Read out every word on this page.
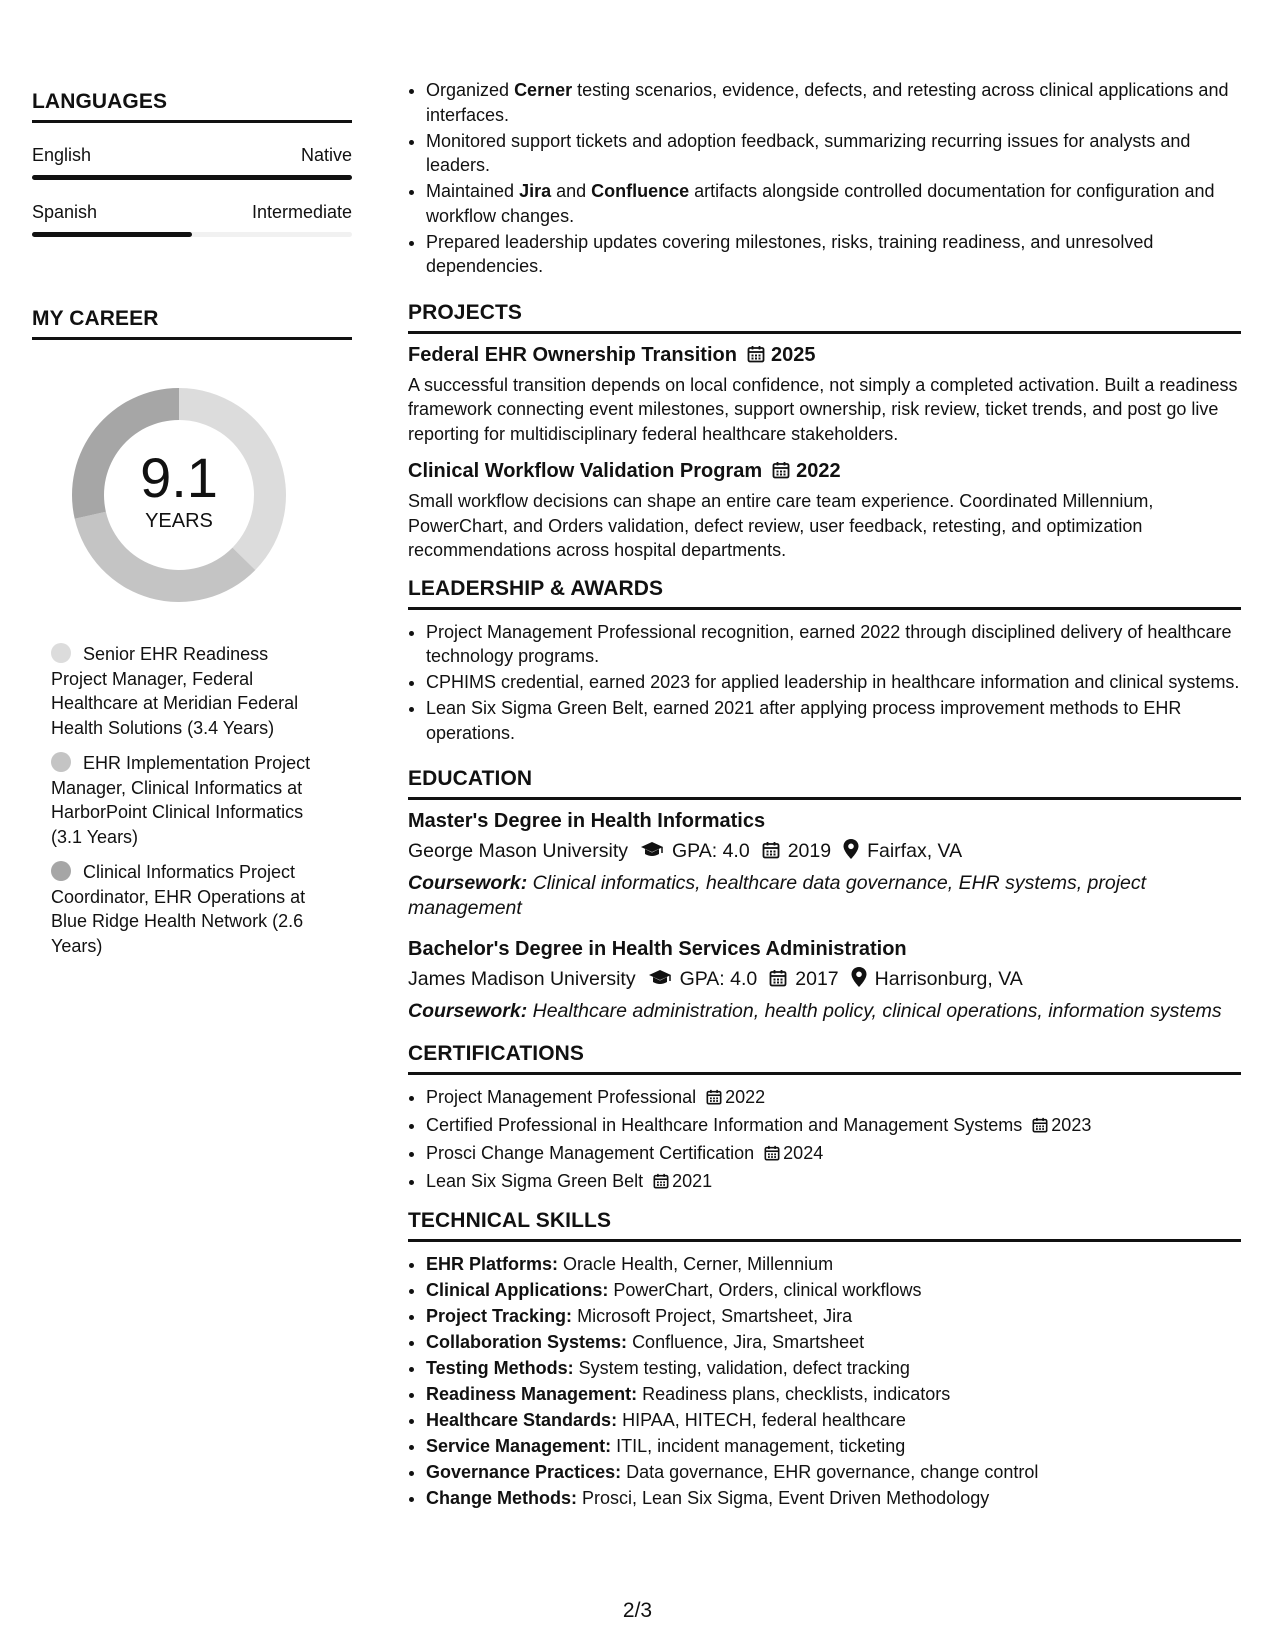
LANGUAGES
English	Native
Spanish	Intermediate
MY CAREER
9.1
YEARS
Senior EHR Readiness Project Manager, Federal Healthcare at Meridian Federal Health Solutions (3.4 Years)
EHR Implementation Project Manager, Clinical Informatics at HarborPoint Clinical Informatics (3.1 Years)
Clinical Informatics Project Coordinator, EHR Operations at Blue Ridge Health Network (2.6 Years)
• Organized Cerner testing scenarios, evidence, defects, and retesting across clinical applications and interfaces.
• Monitored support tickets and adoption feedback, summarizing recurring issues for analysts and leaders.
• Maintained Jira and Confluence artifacts alongside controlled documentation for configuration and workflow changes.
• Prepared leadership updates covering milestones, risks, training readiness, and unresolved dependencies.
PROJECTS

Federal EHR Ownership Transition 2025

A successful transition depends on local confidence, not simply a completed activation. Built a readiness framework connecting event milestones, support ownership, risk review, ticket trends, and post go live reporting for multidisciplinary federal healthcare stakeholders.

Clinical Workflow Validation Program 2022

Small workflow decisions can shape an entire care team experience. Coordinated Millennium, PowerChart, and Orders validation, defect review, user feedback, retesting, and optimization recommendations across hospital departments.

LEADERSHIP & AWARDS
• Project Management Professional recognition, earned 2022 through disciplined delivery of healthcare technology programs.
• CPHIMS credential, earned 2023 for applied leadership in healthcare information and clinical systems.
• Lean Six Sigma Green Belt, earned 2021 after applying process improvement methods to EHR operations.
EDUCATION

Master's Degree in Health Informatics

George Mason University GPA: 4.0 2019 Fairfax, VA

Coursework: Clinical informatics, healthcare data governance, EHR systems, project management

Bachelor's Degree in Health Services Administration

James Madison University GPA: 4.0 2017 Harrisonburg, VA

Coursework: Healthcare administration, health policy, clinical operations, information systems

CERTIFICATIONS
• Project Management Professional 2022
• Certified Professional in Healthcare Information and Management Systems 2023
• Prosci Change Management Certification 2024
• Lean Six Sigma Green Belt 2021
TECHNICAL SKILLS
• EHR Platforms: Oracle Health, Cerner, Millennium
• Clinical Applications: PowerChart, Orders, clinical workflows
• Project Tracking: Microsoft Project, Smartsheet, Jira
• Collaboration Systems: Confluence, Jira, Smartsheet
• Testing Methods: System testing, validation, defect tracking
• Readiness Management: Readiness plans, checklists, indicators
• Healthcare Standards: HIPAA, HITECH, federal healthcare
• Service Management: ITIL, incident management, ticketing
• Governance Practices: Data governance, EHR governance, change control
• Change Methods: Prosci, Lean Six Sigma, Event Driven Methodology
2/3
